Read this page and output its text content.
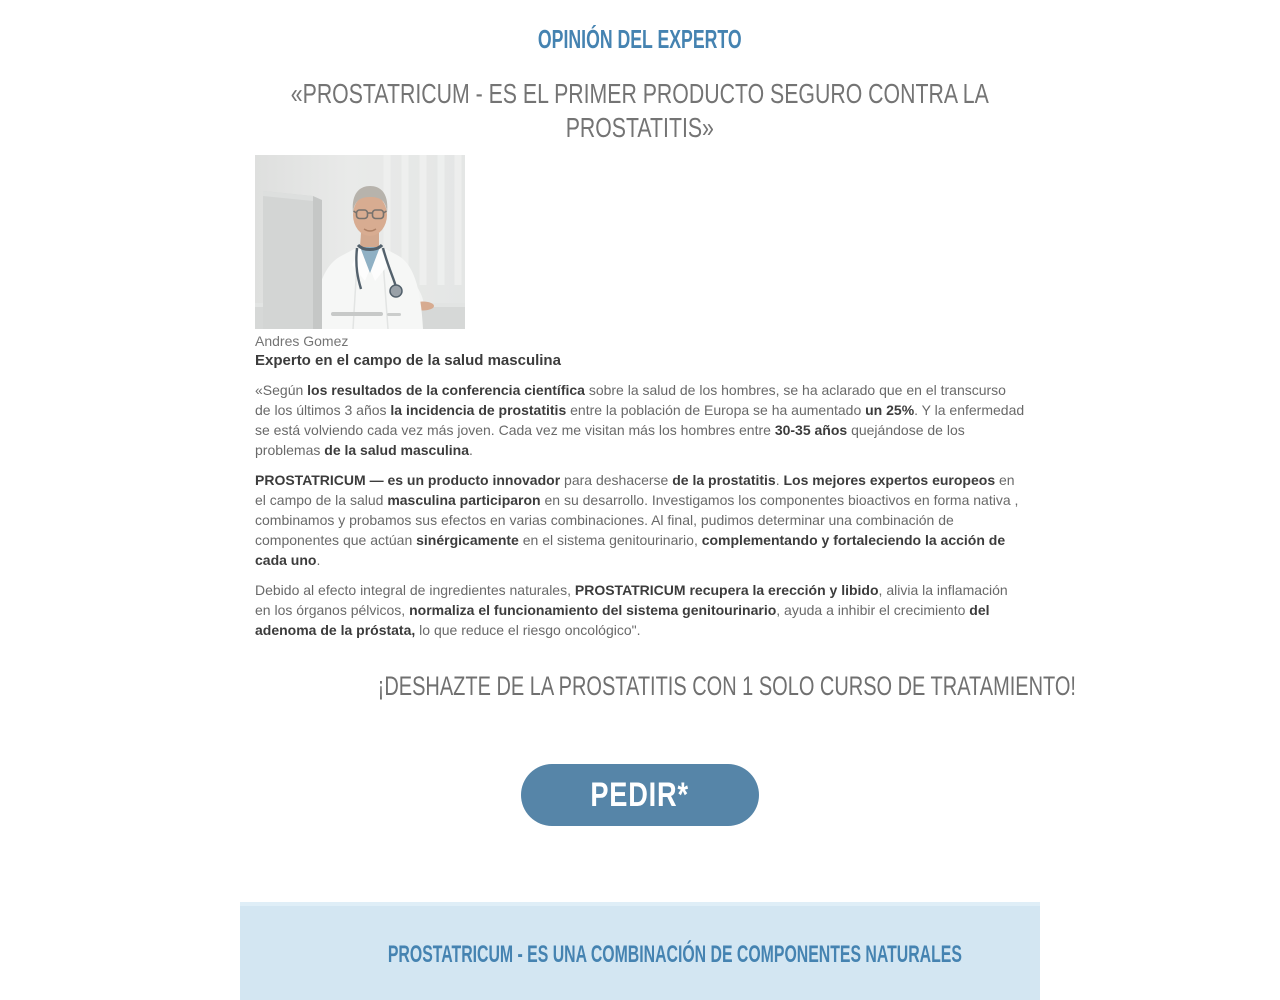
OPINIÓN DEL EXPERTO
«PROSTATRICUM - ES EL PRIMER PRODUCTO SEGURO CONTRA LA PROSTATITIS»
Andres Gomez
Experto en el campo de la salud masculina

«Según los resultados de la conferencia científica sobre la salud de los hombres, se ha aclarado que en el transcurso de los últimos 3 años la incidencia de prostatitis entre la población de Europa se ha aumentado un 25%. Y la enfermedad se está volviendo cada vez más joven. Cada vez me visitan más los hombres entre 30-35 años quejándose de los problemas de la salud masculina.

PROSTATRICUM — es un producto innovador para deshacerse de la prostatitis. Los mejores expertos europeos en el campo de la salud masculina participaron en su desarrollo. Investigamos los componentes bioactivos en forma nativa , combinamos y probamos sus efectos en varias combinaciones. Al final, pudimos determinar una combinación de componentes que actúan sinérgicamente en el sistema genitourinario, complementando y fortaleciendo la acción de cada uno.

Debido al efecto integral de ingredientes naturales, PROSTATRICUM recupera la erección y libido, alivia la inflamación en los órganos pélvicos, normaliza el funcionamiento del sistema genitourinario, ayuda a inhibir el crecimiento del adenoma de la próstata, lo que reduce el riesgo oncológico".

¡DESHAZTE DE LA PROSTATITIS CON 1 SOLO CURSO DE TRATAMIENTO!
PEDIR*
PROSTATRICUM - ES UNA COMBINACIÓN DE COMPONENTES NATURALES
